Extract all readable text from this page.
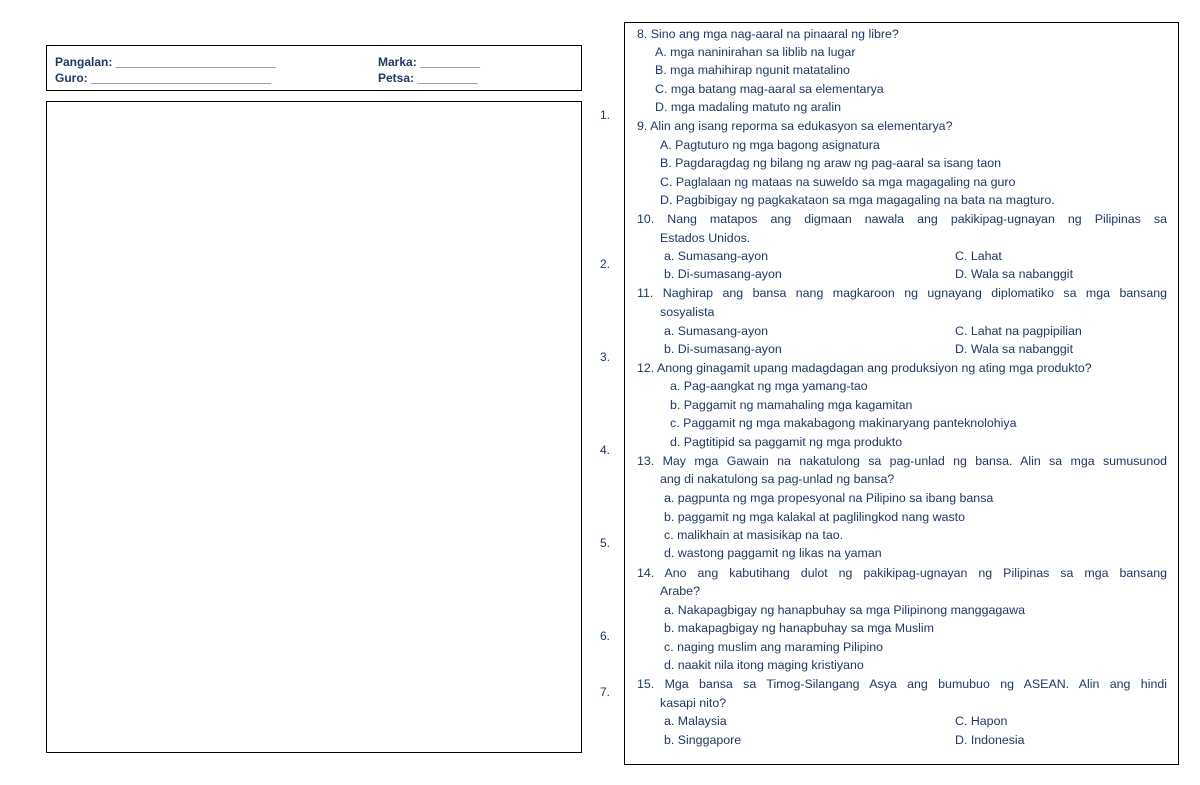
Pangalan: ________________________	Marka: _________
Guro: ___________________________	Petsa: _________
1.
2.
3.
4.
5.
6.
7.
8. Sino ang mga nag-aaral na pinaaral ng libre?
A. mga naninirahan sa liblib na lugar
B. mga mahihirap ngunit matatalino
C. mga batang mag-aaral sa elementarya
D. mga madaling matuto ng aralin
9. Alin ang isang reporma sa edukasyon sa elementarya?
A. Pagtuturo ng mga bagong asignatura
B. Pagdaragdag ng bilang ng araw ng pag-aaral sa isang taon
C. Paglalaan ng mataas na suweldo sa mga magagaling na guro
D. Pagbibigay ng pagkakataon sa mga magagaling na bata na magturo.
10. Nang matapos ang digmaan nawala ang pakikipag-ugnayan ng Pilipinas sa
Estados Unidos.
a. Sumasang-ayon	C. Lahat
b. Di-sumasang-ayon	D. Wala sa nabanggit
11. Naghirap ang bansa nang magkaroon ng ugnayang diplomatiko sa mga bansang
sosyalista
a. Sumasang-ayon	C. Lahat na pagpipilian
b. Di-sumasang-ayon	D. Wala sa nabanggit
12. Anong ginagamit upang madagdagan ang produksiyon ng ating mga produkto?
a. Pag-aangkat ng mga yamang-tao
b. Paggamit ng mamahaling mga kagamitan
c. Paggamit ng mga makabagong makinaryang panteknolohiya
d. Pagtitipid sa paggamit ng mga produkto
13. May mga Gawain na nakatulong sa pag-unlad ng bansa. Alin sa mga sumusunod
ang di nakatulong sa pag-unlad ng bansa?
a. pagpunta ng mga propesyonal na Pilipino sa ibang bansa
b. paggamit ng mga kalakal at paglilingkod nang wasto
c. malikhain at masisikap na tao.
d. wastong paggamit ng likas na yaman
14. Ano ang kabutihang dulot ng pakikipag-ugnayan ng Pilipinas sa mga bansang
Arabe?
a. Nakapagbigay ng hanapbuhay sa mga Pilipinong manggagawa
b. makapagbigay ng hanapbuhay sa mga Muslim
c. naging muslim ang maraming Pilipino
d. naakit nila itong maging kristiyano
15. Mga bansa sa Timog-Silangang Asya ang bumubuo ng ASEAN. Alin ang hindi
kasapi nito?
a. Malaysia	C. Hapon
b. Singgapore	D. Indonesia
